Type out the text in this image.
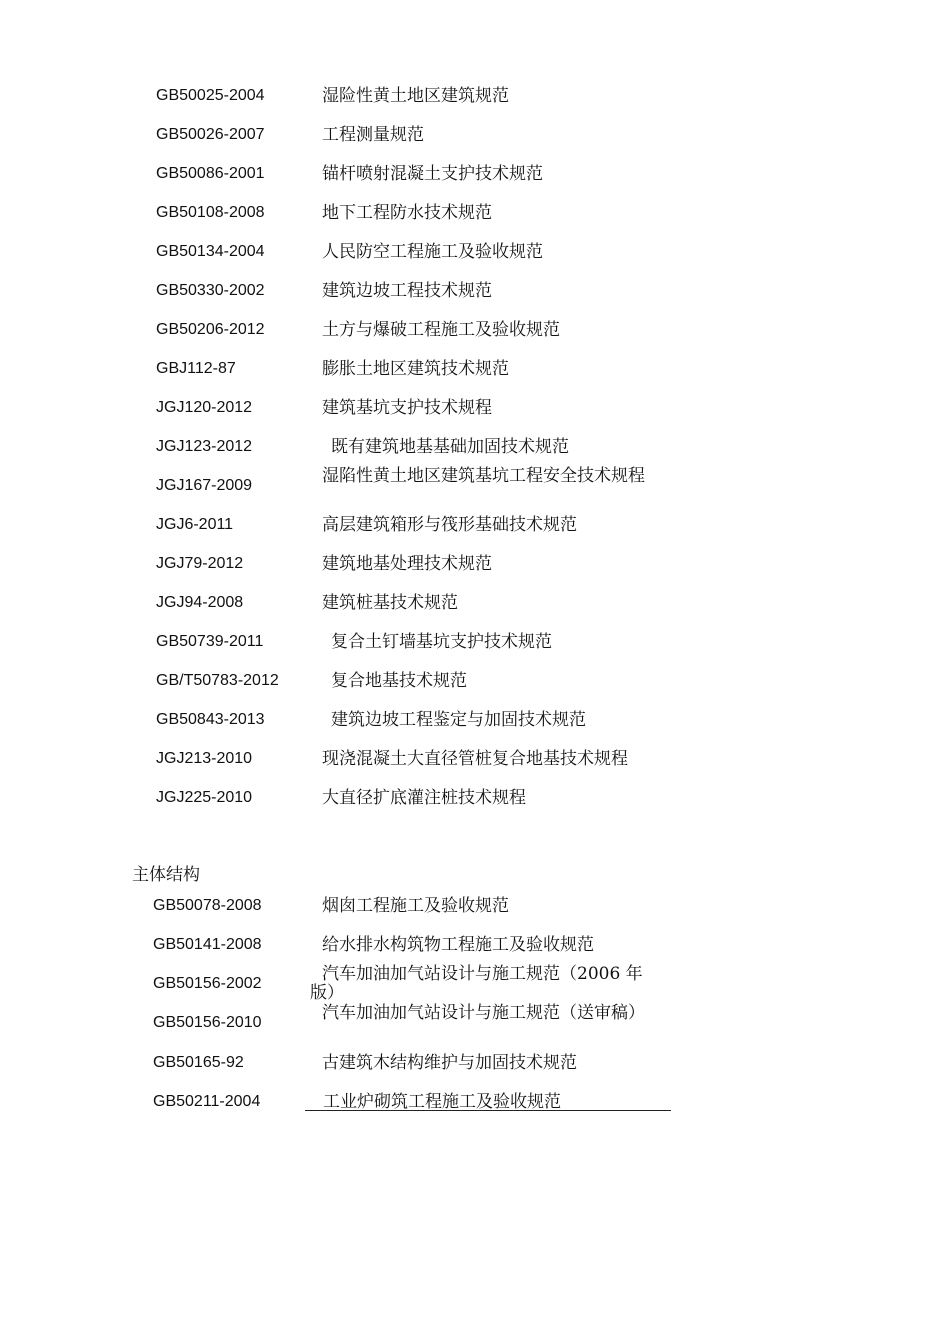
GB50025-2004	湿险性黄土地区建筑规范
GB50026-2007	工程测量规范
GB50086-2001	锚杆喷射混凝土支护技术规范
GB50108-2008	地下工程防水技术规范
GB50134-2004	人民防空工程施工及验收规范
GB50330-2002	建筑边坡工程技术规范
GB50206-2012	土方与爆破工程施工及验收规范
GBJ112-87	膨胀土地区建筑技术规范
JGJ120-2012	建筑基坑支护技术规程
JGJ123-2012	既有建筑地基基础加固技术规范
JGJ167-2009	湿陷性黄土地区建筑基坑工程安全技术规程
JGJ6-2011	高层建筑箱形与筏形基础技术规范
JGJ79-2012	建筑地基处理技术规范
JGJ94-2008	建筑桩基技术规范
GB50739-2011	复合土钉墙基坑支护技术规范
GB/T50783-2012	复合地基技术规范
GB50843-2013	建筑边坡工程鉴定与加固技术规范
JGJ213-2010	现浇混凝土大直径管桩复合地基技术规程
JGJ225-2010	大直径扩底灌注桩技术规程
主体结构
GB50078-2008	烟囱工程施工及验收规范
GB50141-2008	给水排水构筑物工程施工及验收规范
GB50156-2002	汽车加油加气站设计与施工规范（2006 年版）
GB50156-2010	汽车加油加气站设计与施工规范（送审稿）
GB50165-92	古建筑木结构维护与加固技术规范
GB50211-2004	工业炉砌筑工程施工及验收规范
